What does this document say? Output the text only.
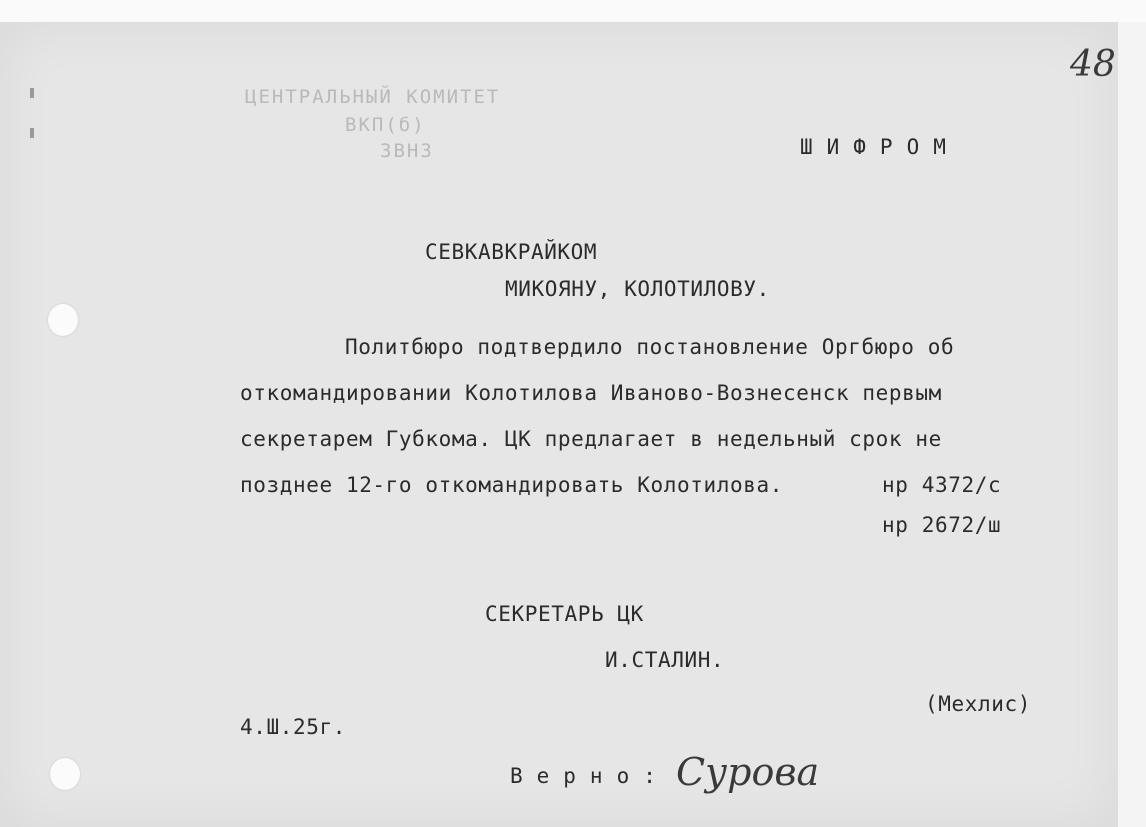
ЦЕНТРАЛЬНЫЙ КОМИТЕТ
ВКП(б)
ЗВНЗ
48
ШИФРОМ
СЕВКАВКРАЙКОМ
МИКОЯНУ, КОЛОТИЛОВУ.
Политбюро подтвердило постановление Оргбюро об
откомандировании Колотилова Иваново-Вознесенск первым
секретарем Губкома. ЦК предлагает в недельный срок не
позднее 12-го откомандировать Колотилова.	нр 4372/с
нр 2672/ш
СЕКРЕТАРЬ ЦК
И.СТАЛИН.
(Мехлис)
4.Ш.25г.
Верно: Сурова
